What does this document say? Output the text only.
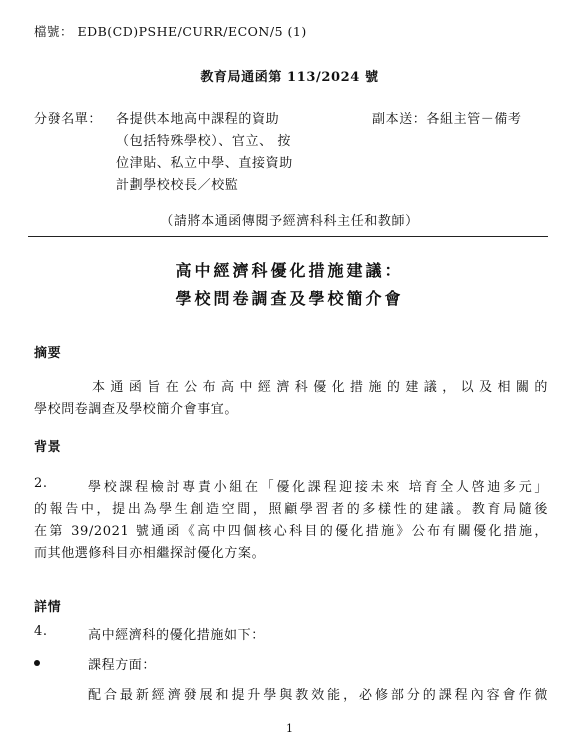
檔號： EDB(CD)PSHE/CURR/ECON/5 (1)
教育局通函第 113/2024 號
分發名單： 各提供本地高中課程的資助
（包括特殊學校）、官立、 按
位津貼、私立中學、直接資助
計劃學校校長／校監
副本送：各組主管－備考
（請將本通函傳閱予經濟科科主任和教師）
高中經濟科優化措施建議：
學校問卷調查及學校簡介會
摘要
本通函旨在公布高中經濟科優化措施的建議，以及相關的
學校問卷調查及學校簡介會事宜。
背景
2.	學校課程檢討專責小組在「優化課程迎接未來 培育全人啓迪多元」
的報告中，提出為學生創造空間，照顧學習者的多樣性的建議。教育局隨後
在第 39/2021 號通函《高中四個核心科目的優化措施》公布有關優化措施，
而其他選修科目亦相繼探討優化方案。
詳情
4.	高中經濟科的優化措施如下：
課程方面：
配合最新經濟發展和提升學與教效能，必修部分的課程內容會作微
1
